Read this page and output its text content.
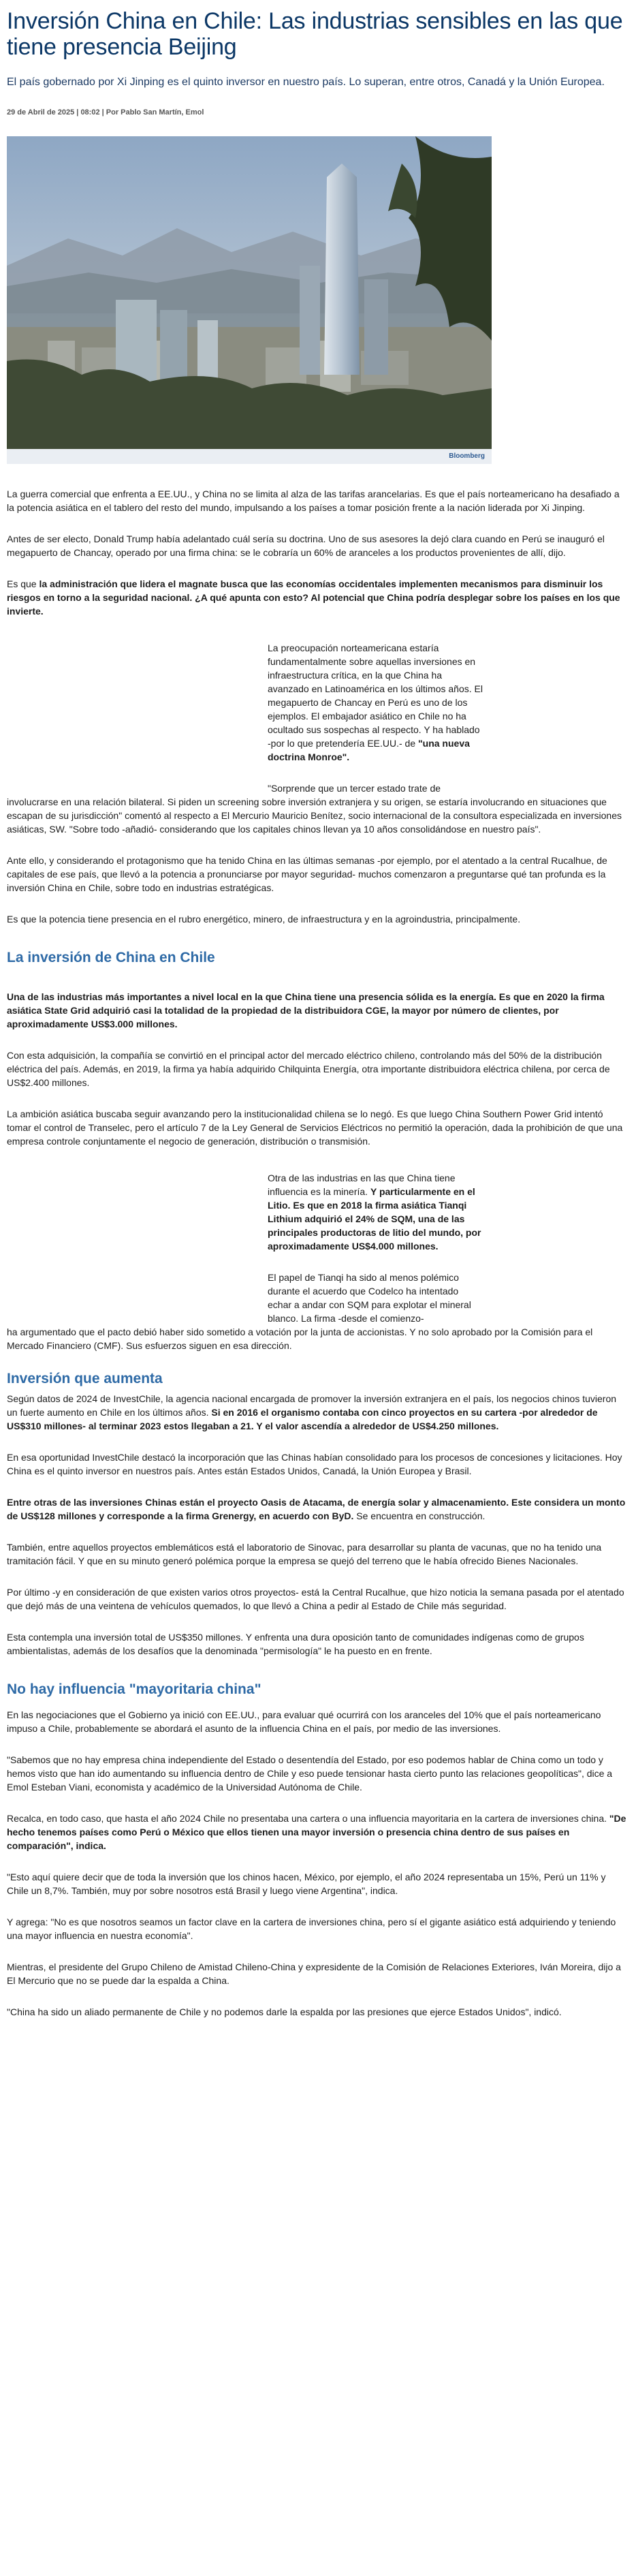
Inversión China en Chile: Las industrias sensibles en las que tiene presencia Beijing
El país gobernado por Xi Jinping es el quinto inversor en nuestro país. Lo superan, entre otros, Canadá y la Unión Europea.
29 de Abril de 2025 | 08:02 | Por Pablo San Martín, Emol
Bloomberg

La guerra comercial que enfrenta a EE.UU., y China no se limita al alza de las tarifas arancelarias. Es que el país norteamericano ha desafiado a la potencia asiática en el tablero del resto del mundo, impulsando a los países a tomar posición frente a la nación liderada por Xi Jinping.

Antes de ser electo, Donald Trump había adelantado cuál sería su doctrina. Uno de sus asesores la dejó clara cuando en Perú se inauguró el megapuerto de Chancay, operado por una firma china: se le cobraría un 60% de aranceles a los productos provenientes de allí, dijo.

Es que la administración que lidera el magnate busca que las economías occidentales implementen mecanismos para disminuir los riesgos en torno a la seguridad nacional. ¿A qué apunta con esto? Al potencial que China podría desplegar sobre los países en los que invierte.

La preocupación norteamericana estaría fundamentalmente sobre aquellas inversiones en infraestructura crítica, en la que China ha avanzado en Latinoamérica en los últimos años. El megapuerto de Chancay en Perú es uno de los ejemplos. El embajador asiático en Chile no ha ocultado sus sospechas al respecto. Y ha hablado -por lo que pretendería EE.UU.- de "una nueva doctrina Monroe".

"Sorprende que un tercer estado trate de

involucrarse en una relación bilateral. Si piden un screening sobre inversión extranjera y su origen, se estaría involucrando en situaciones que escapan de su jurisdicción" comentó al respecto a El Mercurio Mauricio Benítez, socio internacional de la consultora especializada en inversiones asiáticas, SW. "Sobre todo -añadió- considerando que los capitales chinos llevan ya 10 años consolidándose en nuestro país".

Ante ello, y considerando el protagonismo que ha tenido China en las últimas semanas -por ejemplo, por el atentado a la central Rucalhue, de capitales de ese país, que llevó a la potencia a pronunciarse por mayor seguridad- muchos comenzaron a preguntarse qué tan profunda es la inversión China en Chile, sobre todo en industrias estratégicas.

Es que la potencia tiene presencia en el rubro energético, minero, de infraestructura y en la agroindustria, principalmente.

La inversión de China en Chile

Una de las industrias más importantes a nivel local en la que China tiene una presencia sólida es la energía. Es que en 2020 la firma asiática State Grid adquirió casi la totalidad de la propiedad de la distribuidora CGE, la mayor por número de clientes, por aproximadamente US$3.000 millones.

Con esta adquisición, la compañía se convirtió en el principal actor del mercado eléctrico chileno, controlando más del 50% de la distribución eléctrica del país. Además, en 2019, la firma ya había adquirido Chilquinta Energía, otra importante distribuidora eléctrica chilena, por cerca de US$2.400 millones.

La ambición asiática buscaba seguir avanzando pero la institucionalidad chilena se lo negó. Es que luego China Southern Power Grid intentó tomar el control de Transelec, pero el artículo 7 de la Ley General de Servicios Eléctricos no permitió la operación, dada la prohibición de que una empresa controle conjuntamente el negocio de generación, distribución o transmisión.

Otra de las industrias en las que China tiene influencia es la minería. Y particularmente en el Litio. Es que en 2018 la firma asiática Tianqi Lithium adquirió el 24% de SQM, una de las principales productoras de litio del mundo, por aproximadamente US$4.000 millones.

El papel de Tianqi ha sido al menos polémico durante el acuerdo que Codelco ha intentado echar a andar con SQM para explotar el mineral blanco. La firma -desde el comienzo-

ha argumentado que el pacto debió haber sido sometido a votación por la junta de accionistas. Y no solo aprobado por la Comisión para el Mercado Financiero (CMF). Sus esfuerzos siguen en esa dirección.

Inversión que aumenta

Según datos de 2024 de InvestChile, la agencia nacional encargada de promover la inversión extranjera en el país, los negocios chinos tuvieron un fuerte aumento en Chile en los últimos años. Si en 2016 el organismo contaba con cinco proyectos en su cartera -por alrededor de US$310 millones- al terminar 2023 estos llegaban a 21. Y el valor ascendía a alrededor de US$4.250 millones.

En esa oportunidad InvestChile destacó la incorporación que las Chinas habían consolidado para los procesos de concesiones y licitaciones. Hoy China es el quinto inversor en nuestros país. Antes están Estados Unidos, Canadá, la Unión Europea y Brasil.

Entre otras de las inversiones Chinas están el proyecto Oasis de Atacama, de energía solar y almacenamiento. Este considera un monto de US$128 millones y corresponde a la firma Grenergy, en acuerdo con ByD. Se encuentra en construcción.

También, entre aquellos proyectos emblemáticos está el laboratorio de Sinovac, para desarrollar su planta de vacunas, que no ha tenido una tramitación fácil. Y que en su minuto generó polémica porque la empresa se quejó del terreno que le había ofrecido Bienes Nacionales.

Por último -y en consideración de que existen varios otros proyectos- está la Central Rucalhue, que hizo noticia la semana pasada por el atentado que dejó más de una veintena de vehículos quemados, lo que llevó a China a pedir al Estado de Chile más seguridad.

Esta contempla una inversión total de US$350 millones. Y enfrenta una dura oposición tanto de comunidades indígenas como de grupos ambientalistas, además de los desafíos que la denominada "permisología" le ha puesto en en frente.

No hay influencia "mayoritaria china"

En las negociaciones que el Gobierno ya inició con EE.UU., para evaluar qué ocurrirá con los aranceles del 10% que el país norteamericano impuso a Chile, probablemente se abordará el asunto de la influencia China en el país, por medio de las inversiones.

"Sabemos que no hay empresa china independiente del Estado o desentendía del Estado, por eso podemos hablar de China como un todo y hemos visto que han ido aumentando su influencia dentro de Chile y eso puede tensionar hasta cierto punto las relaciones geopolíticas", dice a Emol Esteban Viani, economista y académico de la Universidad Autónoma de Chile.

Recalca, en todo caso, que hasta el año 2024 Chile no presentaba una cartera o una influencia mayoritaria en la cartera de inversiones china. "De hecho tenemos países como Perú o México que ellos tienen una mayor inversión o presencia china dentro de sus países en comparación", indica.

"Esto aquí quiere decir que de toda la inversión que los chinos hacen, México, por ejemplo, el año 2024 representaba un 15%, Perú un 11% y Chile un 8,7%. También, muy por sobre nosotros está Brasil y luego viene Argentina", indica.

Y agrega: "No es que nosotros seamos un factor clave en la cartera de inversiones china, pero sí el gigante asiático está adquiriendo y teniendo una mayor influencia en nuestra economía".

Mientras, el presidente del Grupo Chileno de Amistad Chileno-China y expresidente de la Comisión de Relaciones Exteriores, Iván Moreira, dijo a El Mercurio que no se puede dar la espalda a China.

"China ha sido un aliado permanente de Chile y no podemos darle la espalda por las presiones que ejerce Estados Unidos", indicó.
